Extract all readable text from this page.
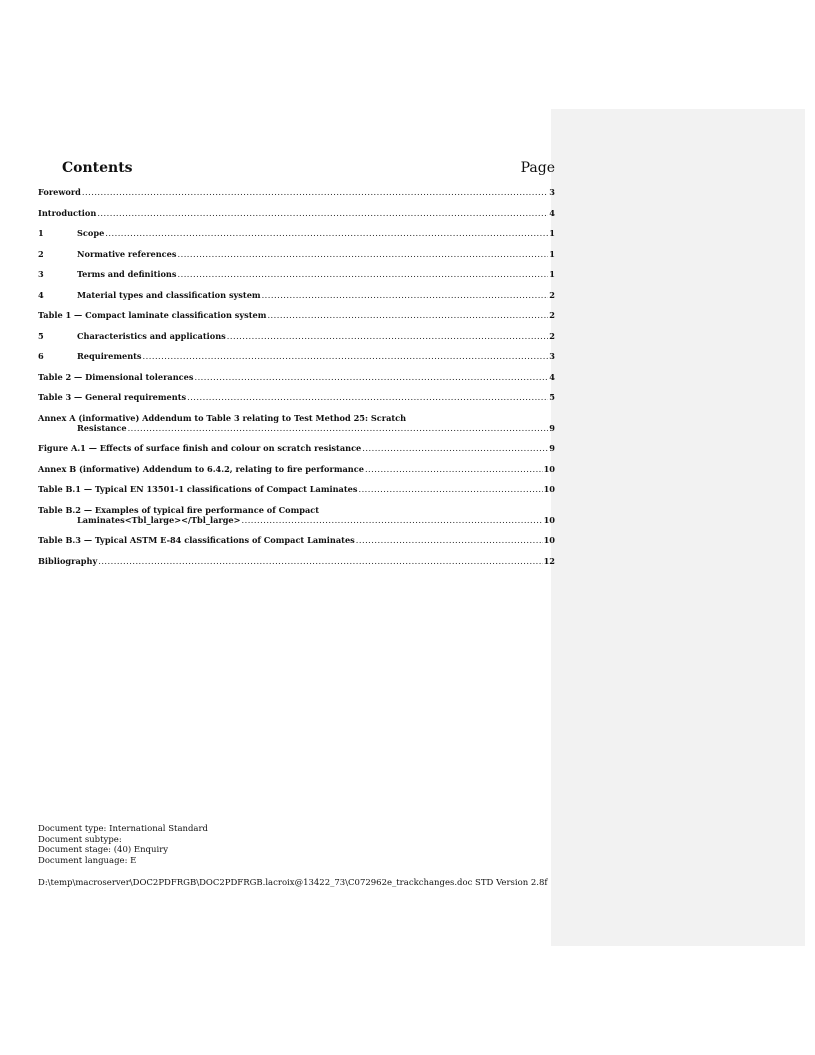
Contents	Page
Foreword .....	3
Introduction .....	4
1	Scope .....	1
2	Normative references .....	1
3	Terms and definitions .....	1
4	Material types and classification system .....	2
Table 1 — Compact laminate classification system .....	2
5	Characteristics and applications .....	2
6	Requirements .....	3
Table 2 — Dimensional tolerances .....	4
Table 3 — General requirements .....	5
Annex A (informative) Addendum to Table 3 relating to Test Method 25: Scratch
Resistance .....	9
Figure A.1 — Effects of surface finish and colour on scratch resistance .....	9
Annex B (informative) Addendum to 6.4.2, relating to fire performance .....	10
Table B.1 — Typical EN 13501-1 classifications of Compact Laminates .....	10
Table B.2 — Examples of typical fire performance of Compact
Laminates<Tbl_large></Tbl_large> .....	10
Table B.3 — Typical ASTM E-84 classifications of Compact Laminates .....	10
Bibliography .....	12
Document type: International Standard
Document subtype:
Document stage: (40) Enquiry
Document language: E
D:\temp\macroserver\DOC2PDFRGB\DOC2PDFRGB.lacroix@13422_73\C072962e_trackchanges.doc STD Version 2.8f
